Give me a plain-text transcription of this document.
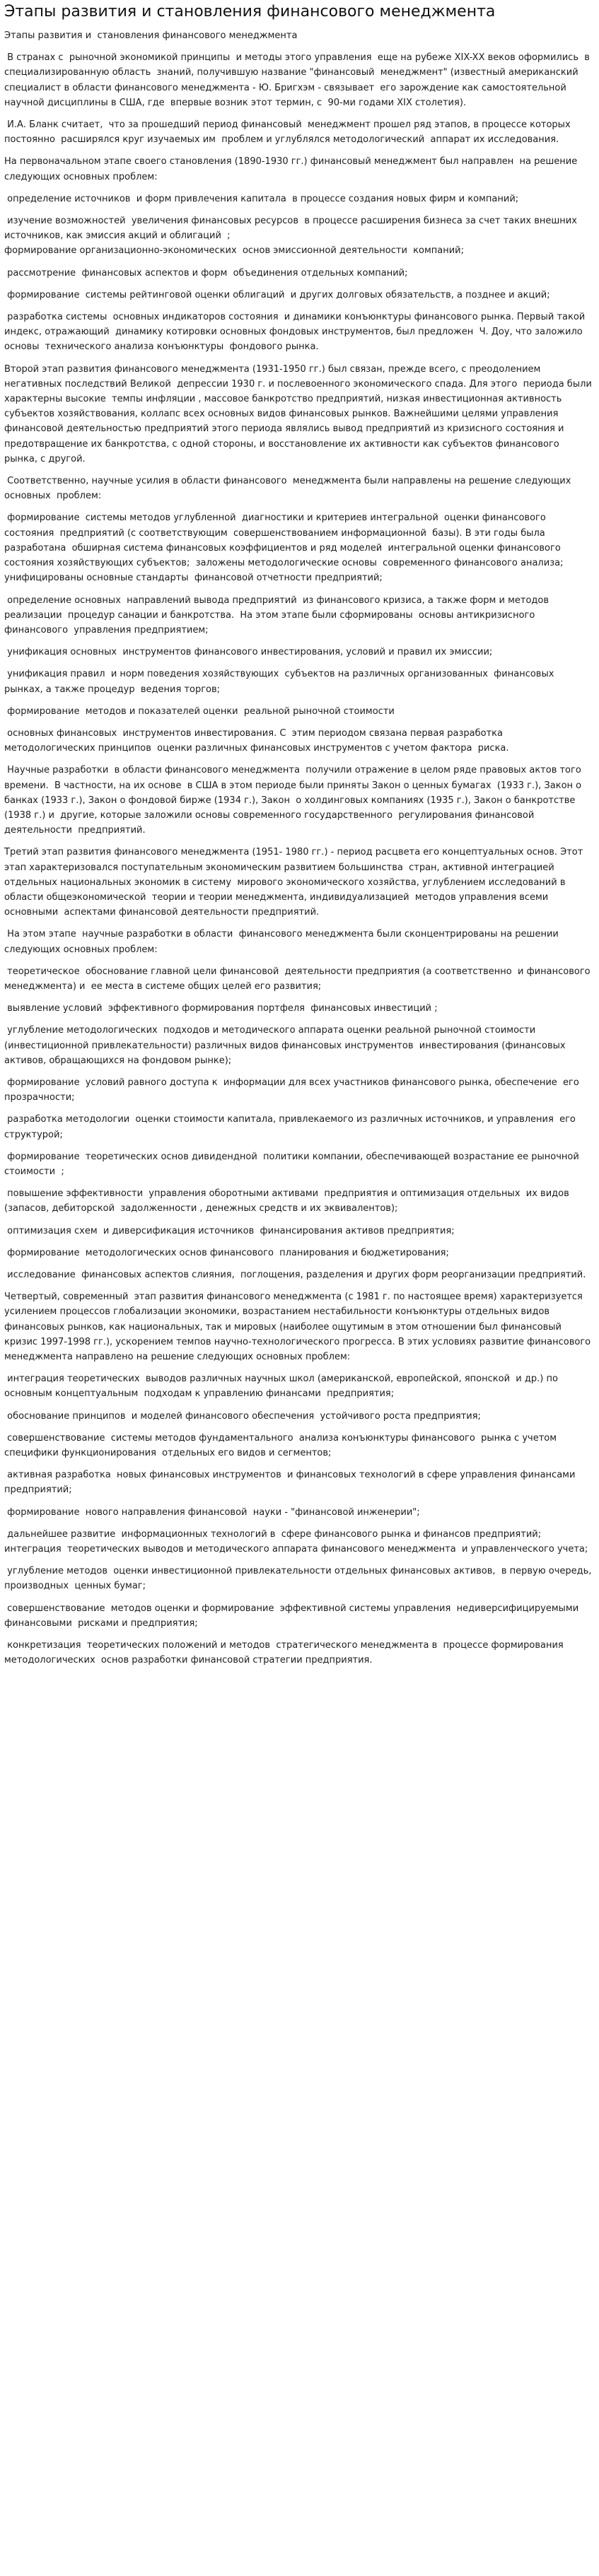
Этапы развития и становления финансового менеджмента

Этапы развития и  становления финансового менеджмента

В странах с  рыночной экономикой принципы  и методы этого управления  еще на рубеже XIX-XX веков оформились  в специализированную область  знаний, получившую название "финансовый  менеджмент" (известный американский  специалист в области финансового менеджмента - Ю. Бригхэм - связывает  его зарождение как самостоятельной научной дисциплины в США, где  впервые возник этот термин, с  90-ми годами XIX столетия).

И.А. Бланк считает,  что за прошедший период финансовый  менеджмент прошел ряд этапов, в процессе которых постоянно  расширялся круг изучаемых им  проблем и углублялся методологический  аппарат их исследования.

На первоначальном этапе своего становления (1890-1930 гг.) финансовый менеджмент был направлен  на решение следующих основных проблем:

определение источников  и форм привлечения капитала  в процессе создания новых фирм и компаний;

изучение возможностей  увеличения финансовых ресурсов  в процессе расширения бизнеса за счет таких внешних источников, как эмиссия акций и облигаций  ;
формирование организационно-экономических  основ эмиссионной деятельности  компаний;

рассмотрение  финансовых аспектов и форм  объединения отдельных компаний;

формирование  системы рейтинговой оценки облигаций  и других долговых обязательств, а позднее и акций;

разработка системы  основных индикаторов состояния  и динамики конъюнктуры финансового рынка. Первый такой индекс, отражающий  динамику котировки основных фондовых инструментов, был предложен  Ч. Доу, что заложило основы  технического анализа конъюнктуры  фондового рынка.

Второй этап развития финансового менеджмента (1931-1950 гг.) был связан, прежде всего, с преодолением негативных последствий Великой  депрессии 1930 г. и послевоенного экономического спада. Для этого  периода были характерны высокие  темпы инфляции , массовое банкротство предприятий, низкая инвестиционная активность субъектов хозяйствования, коллапс всех основных видов финансовых рынков. Важнейшими целями управления финансовой деятельностью предприятий этого периода являлись вывод предприятий из кризисного состояния и предотвращение их банкротства, с одной стороны, и восстановление их активности как субъектов финансового рынка, с другой.

Соответственно, научные усилия в области финансового  менеджмента были направлены на решение следующих основных  проблем:

формирование  системы методов углубленной  диагностики и критериев интегральной  оценки финансового состояния  предприятий (с соответствующим  совершенствованием информационной  базы). В эти годы была разработана  обширная система финансовых коэффициентов и ряд моделей  интегральной оценки финансового  состояния хозяйствующих субъектов;  заложены методологические основы  современного финансового анализа; унифицированы основные стандарты  финансовой отчетности предприятий;

определение основных  направлений вывода предприятий  из финансового кризиса, а также форм и методов реализации  процедур санации и банкротства.  На этом этапе были сформированы  основы антикризисного финансового  управления предприятием;

унификация основных  инструментов финансового инвестирования, условий и правил их эмиссии;

унификация правил  и норм поведения хозяйствующих  субъектов на различных организованных  финансовых рынках, а также процедур  ведения торгов;

формирование  методов и показателей оценки  реальной рыночной стоимости

основных финансовых  инструментов инвестирования. С  этим периодом связана первая разработка методологических принципов  оценки различных финансовых инструментов с учетом фактора  риска.

Научные разработки  в области финансового менеджмента  получили отражение в целом ряде правовых актов того времени.  В частности, на их основе  в США в этом периоде были приняты Закон о ценных бумагах  (1933 г.), Закон о банках (1933 г.), Закон о фондовой бирже (1934 г.), Закон  о холдинговых компаниях (1935 г.), Закон о банкротстве (1938 г.) и  другие, которые заложили основы современного государственного  регулирования финансовой деятельности  предприятий.

Третий этап развития финансового менеджмента (1951- 1980 гг.) - период расцвета его концептуальных основ. Этот этап характеризовался поступательным экономическим развитием большинства  стран, активной интеграцией отдельных национальных экономик в систему  мирового экономического хозяйства, углублением исследований в области общеэкономической  теории и теории менеджмента, индивидуализацией  методов управления всеми основными  аспектами финансовой деятельности предприятий.

На этом этапе  научные разработки в области  финансового менеджмента были сконцентрированы на решении  следующих основных проблем:

теоретическое  обоснование главной цели финансовой  деятельности предприятия (а соответственно  и финансового менеджмента) и  ее места в системе общих целей его развития;

выявление условий  эффективного формирования портфеля  финансовых инвестиций ;

углубление методологических  подходов и методического аппарата оценки реальной рыночной стоимости  (инвестиционной привлекательности) различных видов финансовых инструментов  инвестирования (финансовых активов, обращающихся на фондовом рынке);

формирование  условий равного доступа к  информации для всех участников финансового рынка, обеспечение  его прозрачности;

разработка методологии  оценки стоимости капитала, привлекаемого из различных источников, и управления  его структурой;

формирование  теоретических основ дивидендной  политики компании, обеспечивающей возрастание ее рыночной стоимости  ;

повышение эффективности  управления оборотными активами  предприятия и оптимизация отдельных  их видов (запасов, дебиторской  задолженности , денежных средств и их эквивалентов);

оптимизация схем  и диверсификация источников  финансирования активов предприятия;

формирование  методологических основ финансового  планирования и бюджетирования;

исследование  финансовых аспектов слияния,  поглощения, разделения и других форм реорганизации предприятий.

Четвертый, современный  этап развития финансового менеджмента (с 1981 г. по настоящее время) характеризуется  усилением процессов глобализации экономики, возрастанием нестабильности конъюнктуры отдельных видов  финансовых рынков, как национальных, так и мировых (наиболее ощутимым в этом отношении был финансовый кризис 1997-1998 гг.), ускорением темпов научно-технологического прогресса. В этих условиях развитие финансового менеджмента направлено на решение следующих основных проблем:

интеграция теоретических  выводов различных научных школ (американской, европейской, японской  и др.) по основным концептуальным  подходам к управлению финансами  предприятия;

обоснование принципов  и моделей финансового обеспечения  устойчивого роста предприятия;

совершенствование  системы методов фундаментального  анализа конъюнктуры финансового  рынка с учетом специфики функционирования  отдельных его видов и сегментов;

активная разработка  новых финансовых инструментов  и финансовых технологий в сфере управления финансами предприятий;

формирование  нового направления финансовой  науки - "финансовой инженерии";

дальнейшее развитие  информационных технологий в  сфере финансового рынка и финансов предприятий; интеграция  теоретических выводов и методического аппарата финансового менеджмента  и управленческого учета;

углубление методов  оценки инвестиционной привлекательности отдельных финансовых активов,  в первую очередь, производных  ценных бумаг;

совершенствование  методов оценки и формирование  эффективной системы управления  недиверсифицируемыми финансовыми  рисками и предприятия;

конкретизация  теоретических положений и методов  стратегического менеджмента в  процессе формирования методологических  основ разработки финансовой стратегии предприятия.
